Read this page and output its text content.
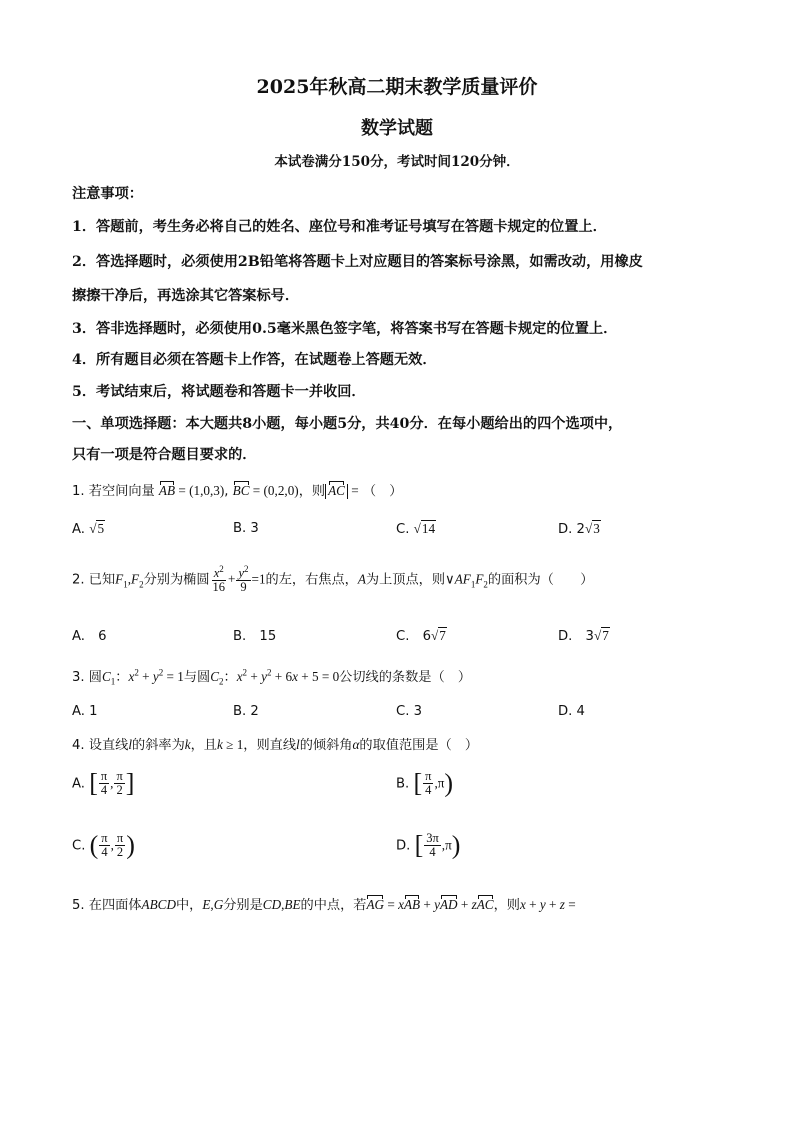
2025年秋高二期末教学质量评价
数学试题
本试卷满分150分，考试时间120分钟．
注意事项：
1．答题前，考生务必将自己的姓名、座位号和准考证号填写在答题卡规定的位置上．
2．答选择题时，必须使用2B铅笔将答题卡上对应题目的答案标号涂黑，如需改动，用橡皮
擦擦干净后，再选涂其它答案标号．
3．答非选择题时，必须使用0.5毫米黑色签字笔，将答案书写在答题卡规定的位置上．
4．所有题目必须在答题卡上作答，在试题卷上答题无效．
5．考试结束后，将试题卷和答题卡一并收回．
一、单项选择题：本大题共8小题，每小题5分，共40分．在每小题给出的四个选项中，
只有一项是符合题目要求的．
1. 若空间向量 AB = (1,0,3), BC = (0,2,0)，则 AC = （　）
A. √5	B. 3	C. √14	D. 2√3
2. 已知$F_1,F_2$分别为椭圆 $\frac{x^2}{16} + \frac{y^2}{9} =1$的左，右焦点，A为上顶点，则$\vee AF_1F_2$的面积为（　　）
A.　6	B.　15	C.　6√7	D.　3√7
3. 圆$C_1$：$x^2 + y^2 = 1$与圆$C_2$：$x^2 + y^2 + 6x + 5 = 0$公切线的条数是（　）
A. 1	B. 2	C. 3	D. 4
4. 设直线l的斜率为k，且k ≥ 1，则直线l的倾斜角α的取值范围是（　）
A. [ $\frac{\pi}{4}$ , $\frac{\pi}{2}$ ]	B. [ $\frac{\pi}{4} ,\pi$)
C. ( $\frac{\pi}{4}$ , $\frac{\pi}{2}$ )	D. [ $\frac{3\pi}{4} ,\pi$)
5. 在四面体ABCD中，E,G分别是CD,BE的中点，若AG = xAB + yAD + zAC，则x + y + z =
